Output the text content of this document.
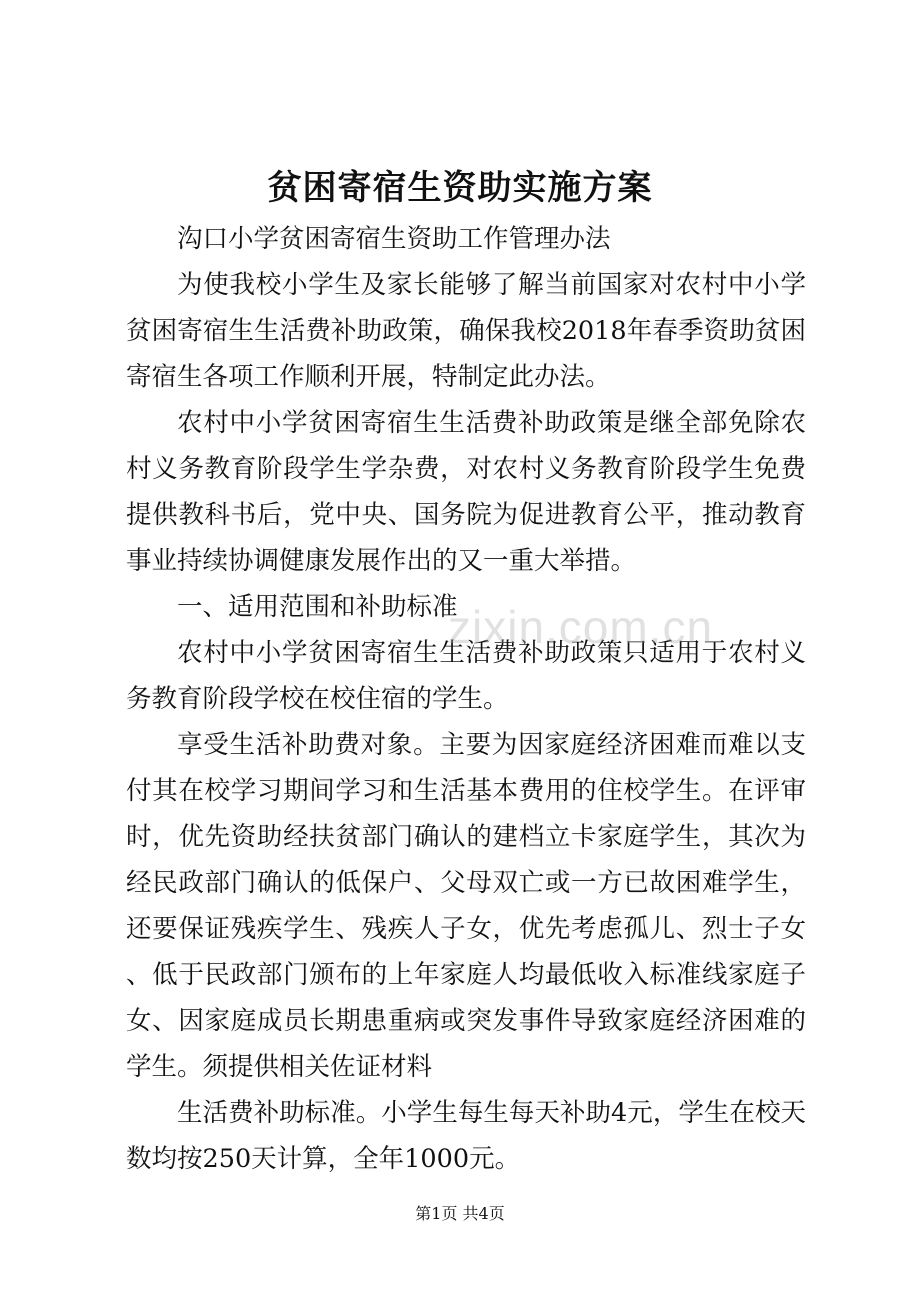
贫困寄宿生资助实施方案

沟口小学贫困寄宿生资助工作管理办法

为使我校小学生及家长能够了解当前国家对农村中小学贫困寄宿生生活费补助政策，确保我校2018年春季资助贫困寄宿生各项工作顺利开展，特制定此办法。

农村中小学贫困寄宿生生活费补助政策是继全部免除农村义务教育阶段学生学杂费，对农村义务教育阶段学生免费提供教科书后，党中央、国务院为促进教育公平，推动教育事业持续协调健康发展作出的又一重大举措。

一、适用范围和补助标准

农村中小学贫困寄宿生生活费补助政策只适用于农村义务教育阶段学校在校住宿的学生。

享受生活补助费对象。主要为因家庭经济困难而难以支付其在校学习期间学习和生活基本费用的住校学生。在评审时，优先资助经扶贫部门确认的建档立卡家庭学生，其次为经民政部门确认的低保户、父母双亡或一方已故困难学生，还要保证残疾学生、残疾人子女，优先考虑孤儿、烈士子女、低于民政部门颁布的上年家庭人均最低收入标准线家庭子女、因家庭成员长期患重病或突发事件导致家庭经济困难的学生。须提供相关佐证材料

生活费补助标准。小学生每生每天补助4元，学生在校天数均按250天计算，全年1000元。

zixin.com.cn
第1页 共4页
